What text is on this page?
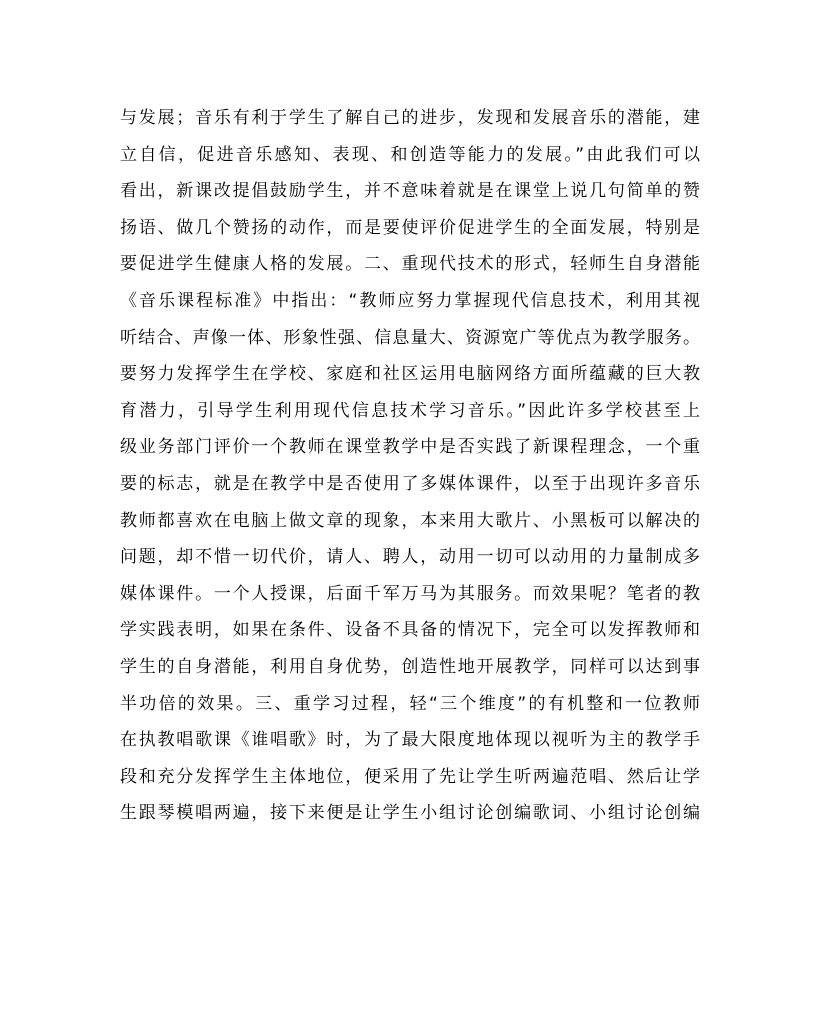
与发展；音乐有利于学生了解自己的进步，发现和发展音乐的潜能，建
立自信，促进音乐感知、表现、和创造等能力的发展。”由此我们可以
看出，新课改提倡鼓励学生，并不意味着就是在课堂上说几句简单的赞
扬语、做几个赞扬的动作，而是要使评价促进学生的全面发展，特别是
要促进学生健康人格的发展。二、重现代技术的形式，轻师生自身潜能
《音乐课程标准》中指出：“教师应努力掌握现代信息技术，利用其视
听结合、声像一体、形象性强、信息量大、资源宽广等优点为教学服务。
要努力发挥学生在学校、家庭和社区运用电脑网络方面所蕴藏的巨大教
育潜力，引导学生利用现代信息技术学习音乐。”因此许多学校甚至上
级业务部门评价一个教师在课堂教学中是否实践了新课程理念，一个重
要的标志，就是在教学中是否使用了多媒体课件，以至于出现许多音乐
教师都喜欢在电脑上做文章的现象，本来用大歌片、小黑板可以解决的
问题，却不惜一切代价，请人、聘人，动用一切可以动用的力量制成多
媒体课件。一个人授课，后面千军万马为其服务。而效果呢？笔者的教
学实践表明，如果在条件、设备不具备的情况下，完全可以发挥教师和
学生的自身潜能，利用自身优势，创造性地开展教学，同样可以达到事
半功倍的效果。三、重学习过程，轻“三个维度”的有机整和一位教师
在执教唱歌课《谁唱歌》时，为了最大限度地体现以视听为主的教学手
段和充分发挥学生主体地位，便采用了先让学生听两遍范唱、然后让学
生跟琴模唱两遍，接下来便是让学生小组讨论创编歌词、小组讨论创编
